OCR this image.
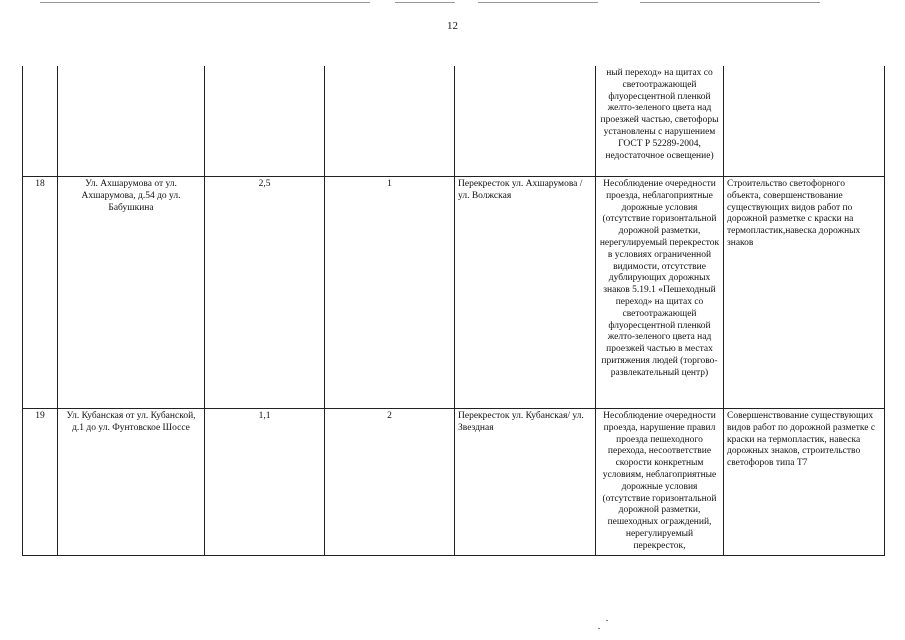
12
					ный переход» на щитах со светоотражающей флуоресцентной пленкой желто-зеленого цвета над проезжей частью, светофоры установлены с нарушением ГОСТ Р 52289-2004, недостаточное освещение)	
18	Ул. Ахшарумова от ул. Ахшарумова, д.54 до ул. Бабушкина	2,5	1	Перекресток ул. Ахшарумова / ул. Волжская	Несоблюдение очередности проезда, неблагоприятные дорожные условия (отсутствие горизонтальной дорожной разметки, нерегулируемый перекресток в условиях ограниченной видимости, отсутствие дублирующих дорожных знаков 5.19.1 «Пешеходный переход» на щитах со светоотражающей флуоресцентной пленкой желто-зеленого цвета над проезжей частью в местах притяжения людей (торгово-развлекательный центр)	Строительство светофорного объекта, совершенствование существующих видов работ по дорожной разметке с краски на термопластик,навеска дорожных знаков
19	Ул. Кубанская от ул. Кубанской, д.1 до ул. Фунтовское Шоссе	1,1	2	Перекресток ул. Кубанская/ ул. Звездная	Несоблюдение очередности проезда, нарушение правил проезда пешеходного перехода, несоответствие скорости конкретным условиям, неблагоприятные дорожные условия (отсутствие горизонтальной дорожной разметки, пешеходных ограждений, нерегулируемый перекресток,	Совершенствование существующих видов работ по дорожной разметке с краски на термопластик, навеска дорожных знаков, строительство светофоров типа Т7
